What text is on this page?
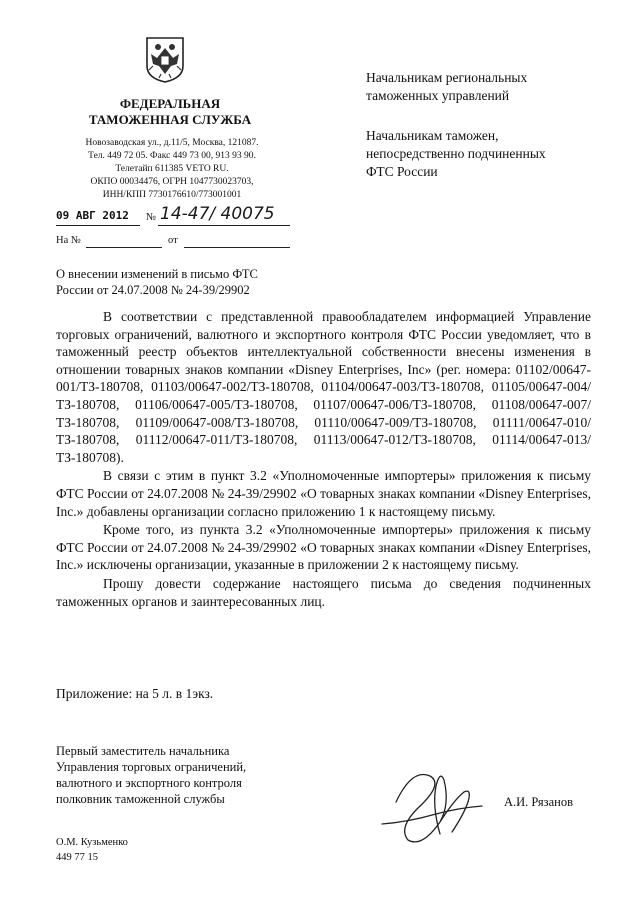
ФЕДЕРАЛЬНАЯ
ТАМОЖЕННАЯ СЛУЖБА
Новозаводская ул., д.11/5, Москва, 121087.
Тел. 449 72 05. Факс 449 73 00, 913 93 90.
Телетайп 611385 VETO RU.
ОКПО 00034476, ОГРН 1047730023703,
ИНН/КПП 7730176610/773001001
09 АВГ 2012 № 14-47/ 40075
На №	от
Начальникам региональных
таможенных управлений
Начальникам таможен,
непосредственно подчиненных
ФТС России
О внесении изменений в письмо ФТС
России от 24.07.2008 № 24-39/29902

В соответствии с представленной правообладателем информацией Управление торговых ограничений, валютного и экспортного контроля ФТС России уведомляет, что в таможенный реестр объектов интеллектуальной собственности внесены изменения в отношении товарных знаков компании «Disney Enterprises, Inc» (рег. номера: 01102/00647-001/ТЗ-180708, 01103/00647-002/ТЗ-180708, 01104/00647-003/ТЗ-180708, 01105/00647-004/ТЗ-180708, 01106/00647-005/ТЗ-180708, 01107/00647-006/ТЗ-180708, 01108/00647-007/ТЗ-180708, 01109/00647-008/ТЗ-180708, 01110/00647-009/ТЗ-180708, 01111/00647-010/ТЗ-180708, 01112/00647-011/ТЗ-180708, 01113/00647-012/ТЗ-180708, 01114/00647-013/ТЗ-180708).

В связи с этим в пункт 3.2 «Уполномоченные импортеры» приложения к письму ФТС России от 24.07.2008 № 24-39/29902 «О товарных знаках компании «Disney Enterprises, Inc.» добавлены организации согласно приложению 1 к настоящему письму.

Кроме того, из пункта 3.2 «Уполномоченные импортеры» приложения к письму ФТС России от 24.07.2008 № 24-39/29902 «О товарных знаках компании «Disney Enterprises, Inc.» исключены организации, указанные в приложении 2 к настоящему письму.

Прошу довести содержание настоящего письма до сведения подчиненных таможенных органов и заинтересованных лиц.

Приложение: на 5 л. в 1экз.
Первый заместитель начальника
Управления торговых ограничений,
валютного и экспортного контроля
полковник таможенной службы	А.И. Рязанов
О.М. Кузьменко
449 77 15
